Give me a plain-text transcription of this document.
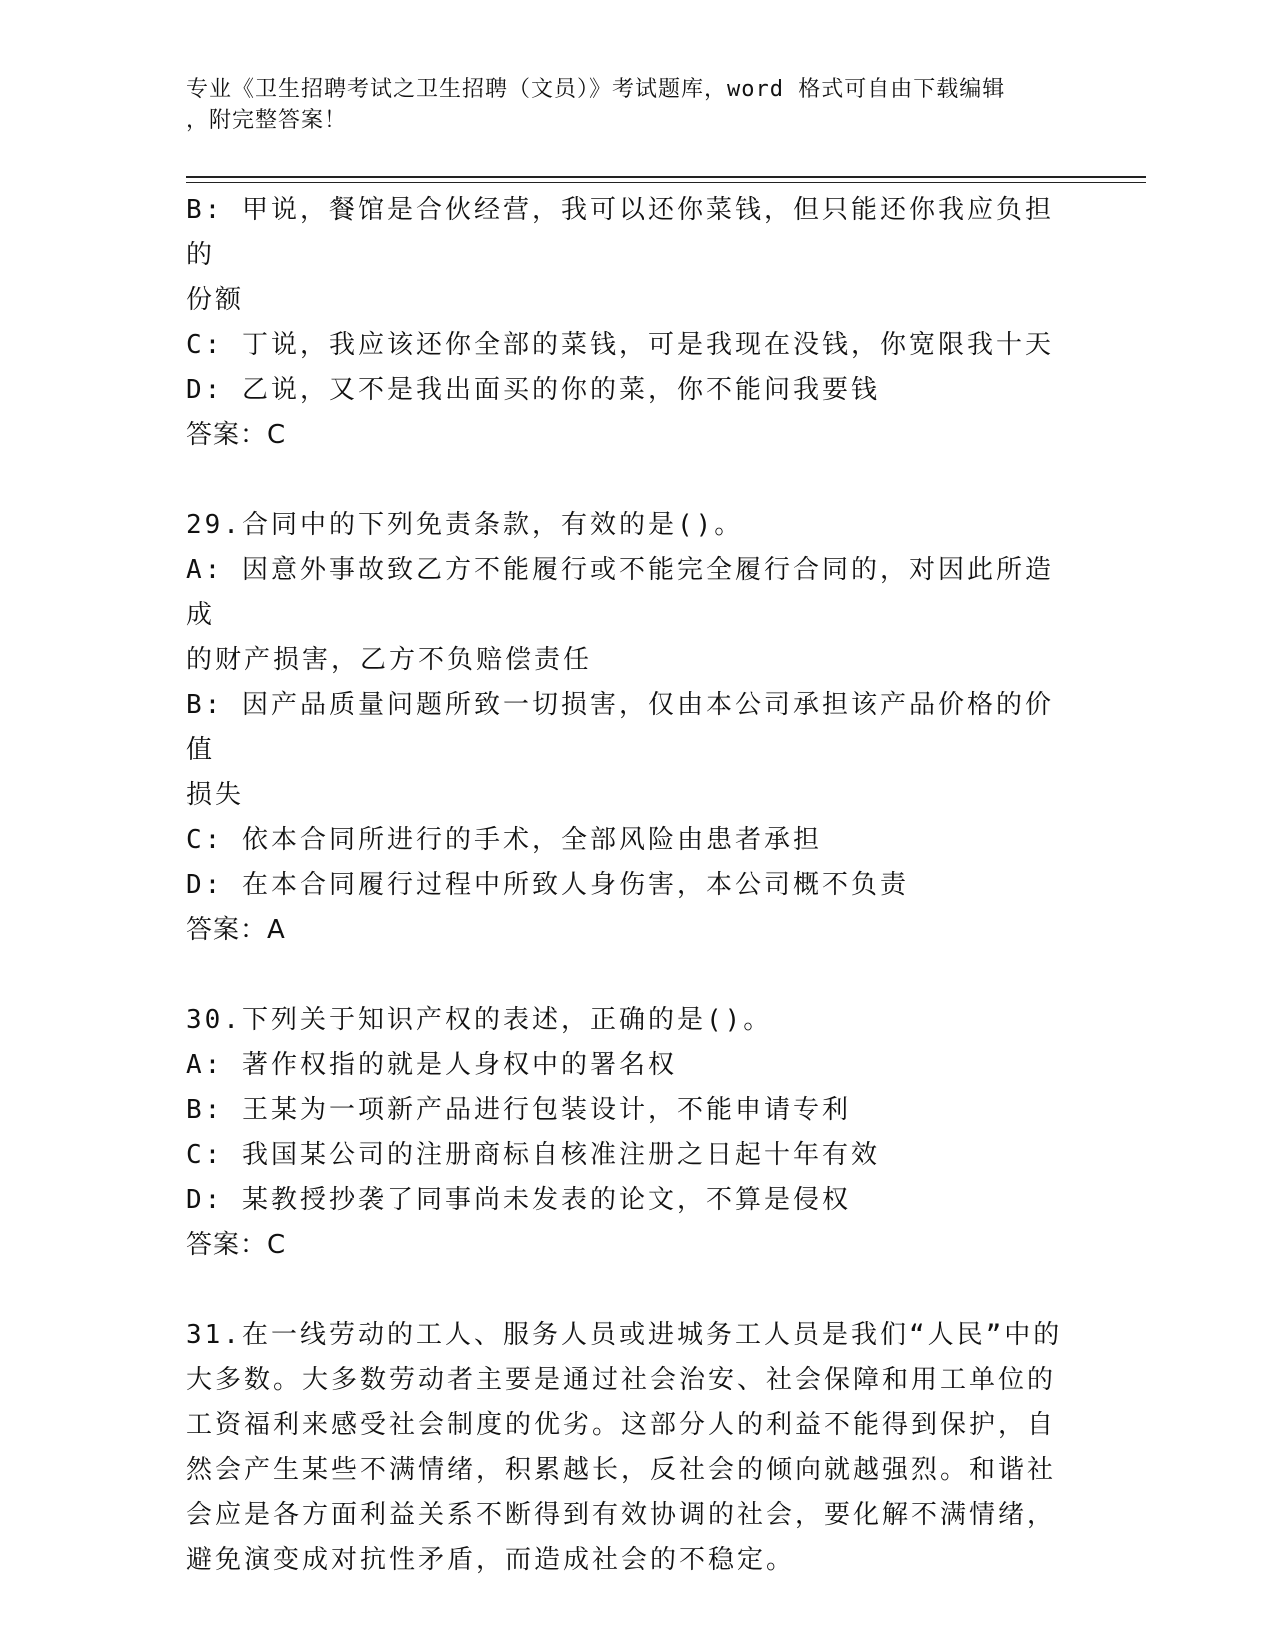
专业《卫生招聘考试之卫生招聘（文员）》考试题库，word 格式可自由下载编辑
，附完整答案！
B: 甲说，餐馆是合伙经营，我可以还你菜钱，但只能还你我应负担的
份额
C: 丁说，我应该还你全部的菜钱，可是我现在没钱，你宽限我十天
D: 乙说，又不是我出面买的你的菜，你不能问我要钱
答案：C
29.合同中的下列免责条款，有效的是()。
A: 因意外事故致乙方不能履行或不能完全履行合同的，对因此所造成
的财产损害，乙方不负赔偿责任
B: 因产品质量问题所致一切损害，仅由本公司承担该产品价格的价值
损失
C: 依本合同所进行的手术，全部风险由患者承担
D: 在本合同履行过程中所致人身伤害，本公司概不负责
答案：A
30.下列关于知识产权的表述，正确的是()。
A: 著作权指的就是人身权中的署名权
B: 王某为一项新产品进行包装设计，不能申请专利
C: 我国某公司的注册商标自核准注册之日起十年有效
D: 某教授抄袭了同事尚未发表的论文，不算是侵权
答案：C
31.在一线劳动的工人、服务人员或进城务工人员是我们“人民”中的
大多数。大多数劳动者主要是通过社会治安、社会保障和用工单位的
工资福利来感受社会制度的优劣。这部分人的利益不能得到保护，自
然会产生某些不满情绪，积累越长，反社会的倾向就越强烈。和谐社
会应是各方面利益关系不断得到有效协调的社会，要化解不满情绪，
避免演变成对抗性矛盾，而造成社会的不稳定。
